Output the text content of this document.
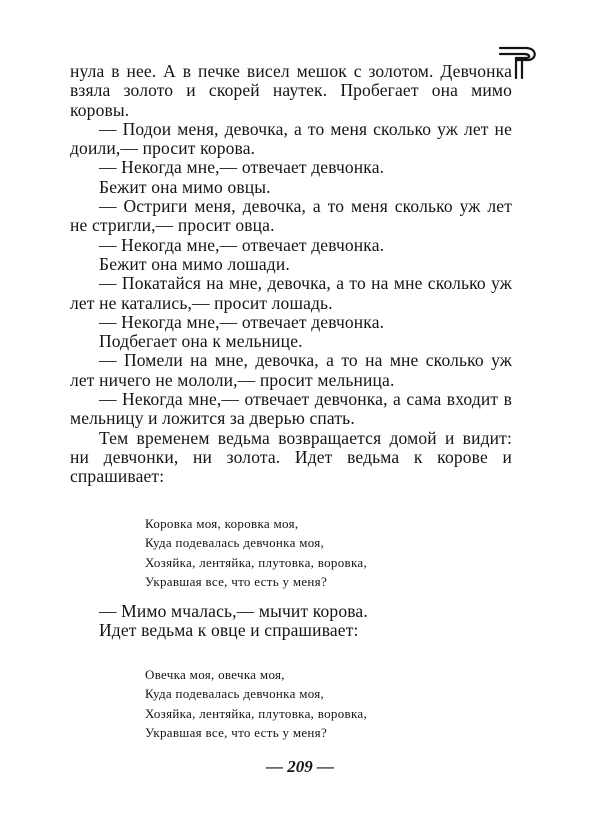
нула в нее. А в печке висел мешок с золотом. Девчонка взяла золото и скорей наутек. Пробегает она мимо коровы.

— Подои меня, девочка, а то меня сколько уж лет не доили,— просит корова.

— Некогда мне,— отвечает девчонка.

Бежит она мимо овцы.

— Остриги меня, девочка, а то меня сколько уж лет не стригли,— просит овца.

— Некогда мне,— отвечает девчонка.

Бежит она мимо лошади.

— Покатайся на мне, девочка, а то на мне сколько уж лет не катались,— просит лошадь.

— Некогда мне,— отвечает девчонка.

Подбегает она к мельнице.

— Помели на мне, девочка, а то на мне сколько уж лет ничего не мололи,— просит мельница.

— Некогда мне,— отвечает девчонка, а сама входит в мельницу и ложится за дверью спать.

Тем временем ведьма возвращается домой и видит: ни девчонки, ни золота. Идет ведьма к корове и спрашивает:

Коровка моя, коровка моя,
Куда подевалась девчонка моя,
Хозяйка, лентяйка, плутовка, воровка,
Укравшая все, что есть у меня?

— Мимо мчалась,— мычит корова.

Идет ведьма к овце и спрашивает:

Овечка моя, овечка моя,
Куда подевалась девчонка моя,
Хозяйка, лентяйка, плутовка, воровка,
Укравшая все, что есть у меня?
— 209 —
